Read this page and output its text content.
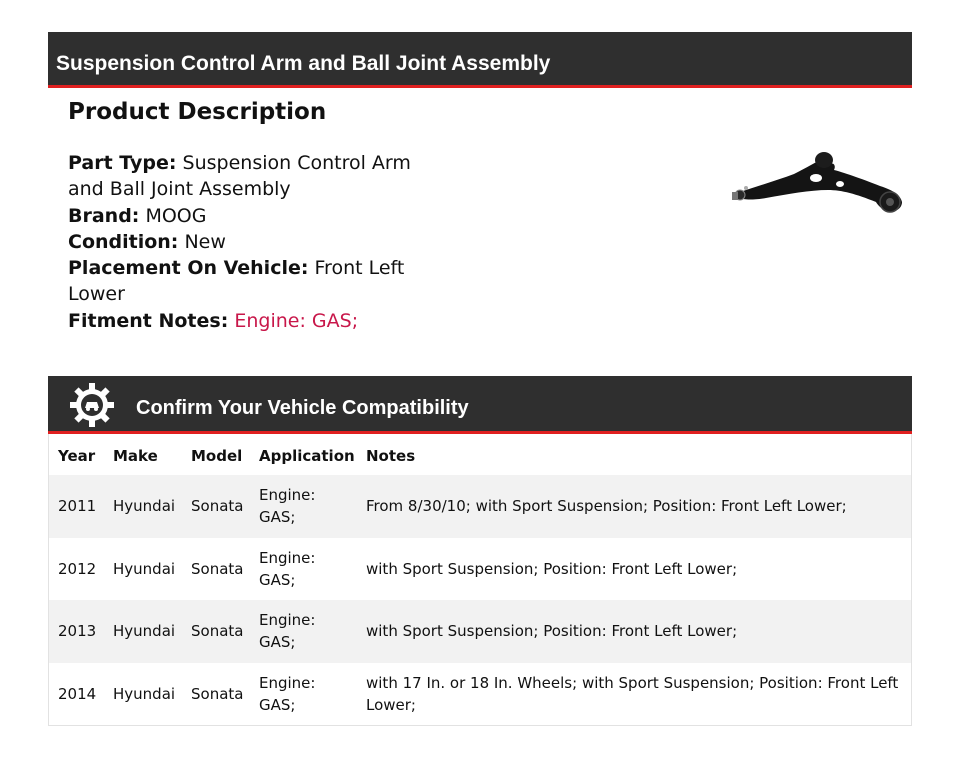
Suspension Control Arm and Ball Joint Assembly
Product Description

Part Type: Suspension Control Arm and Ball Joint Assembly

Brand: MOOG

Condition: New

Placement On Vehicle: Front Left Lower

Fitment Notes: Engine: GAS;
Confirm Your Vehicle Compatibility
Year Make Model Application Notes
2011 Hyundai Sonata
Engine: GAS;
From 8/30/10; with Sport Suspension; Position: Front Left Lower;
2012 Hyundai Sonata
Engine: GAS;
with Sport Suspension; Position: Front Left Lower;
2013 Hyundai Sonata
Engine: GAS;
with Sport Suspension; Position: Front Left Lower;
2014 Hyundai Sonata
Engine: GAS;
with 17 In. or 18 In. Wheels; with Sport Suspension; Position: Front Left Lower;
